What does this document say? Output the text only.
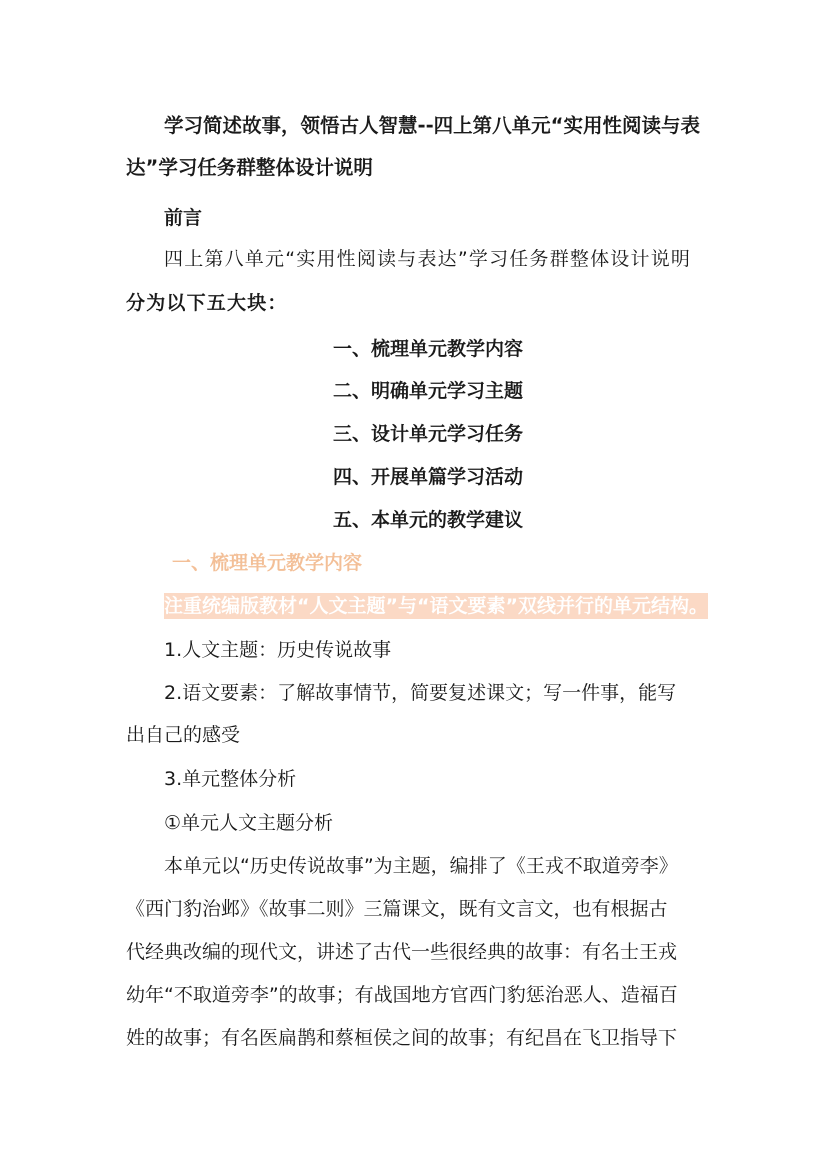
学习简述故事，领悟古人智慧--四上第八单元“实用性阅读与表
达”学习任务群整体设计说明
前言
四上第八单元“实用性阅读与表达”学习任务群整体设计说明
分为以下五大块：
一、梳理单元教学内容
二、明确单元学习主题
三、设计单元学习任务
四、开展单篇学习活动
五、本单元的教学建议
一、梳理单元教学内容
注重统编版教材“人文主题”与“语文要素”双线并行的单元结构。
1.人文主题：历史传说故事
2.语文要素：了解故事情节，简要复述课文；写一件事，能写
出自己的感受
3.单元整体分析
①单元人文主题分析
本单元以“历史传说故事”为主题，编排了《王戎不取道旁李》
《西门豹治邺》《故事二则》三篇课文，既有文言文，也有根据古
代经典改编的现代文，讲述了古代一些很经典的故事：有名士王戎
幼年“不取道旁李”的故事；有战国地方官西门豹惩治恶人、造福百
姓的故事；有名医扁鹊和蔡桓侯之间的故事；有纪昌在飞卫指导下
